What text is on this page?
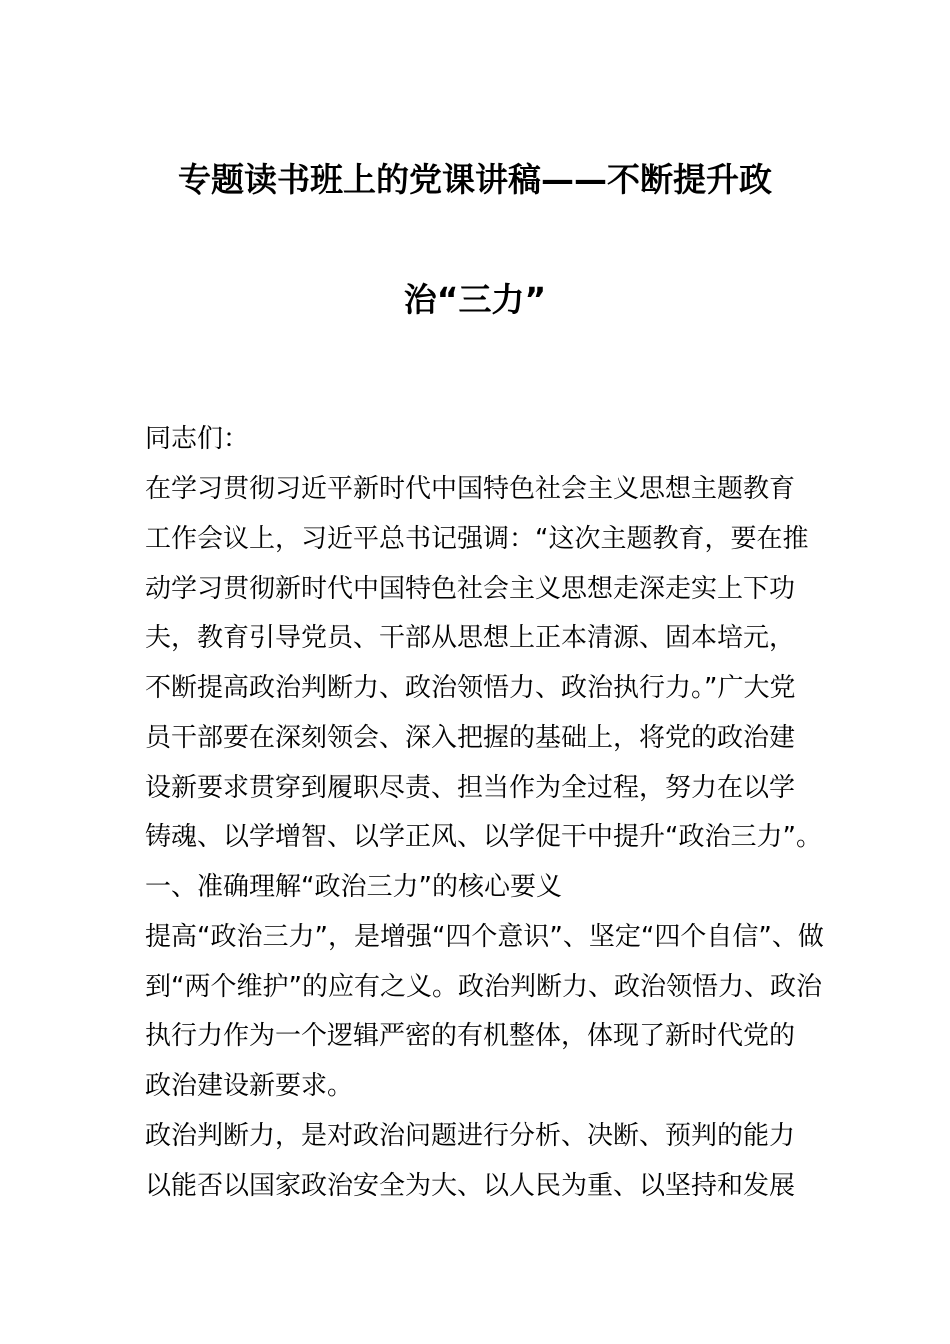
专题读书班上的党课讲稿——不断提升政
治“三力”
同志们：
在学习贯彻习近平新时代中国特色社会主义思想主题教育
工作会议上，习近平总书记强调：“这次主题教育，要在推
动学习贯彻新时代中国特色社会主义思想走深走实上下功
夫，教育引导党员、干部从思想上正本清源、固本培元，
不断提高政治判断力、政治领悟力、政治执行力。”广大党
员干部要在深刻领会、深入把握的基础上，将党的政治建
设新要求贯穿到履职尽责、担当作为全过程，努力在以学
铸魂、以学增智、以学正风、以学促干中提升“政治三力”。
一、准确理解“政治三力”的核心要义
提高“政治三力”，是增强“四个意识”、坚定“四个自信”、做
到“两个维护”的应有之义。政治判断力、政治领悟力、政治
执行力作为一个逻辑严密的有机整体，体现了新时代党的
政治建设新要求。
政治判断力，是对政治问题进行分析、决断、预判的能力
以能否以国家政治安全为大、以人民为重、以坚持和发展
